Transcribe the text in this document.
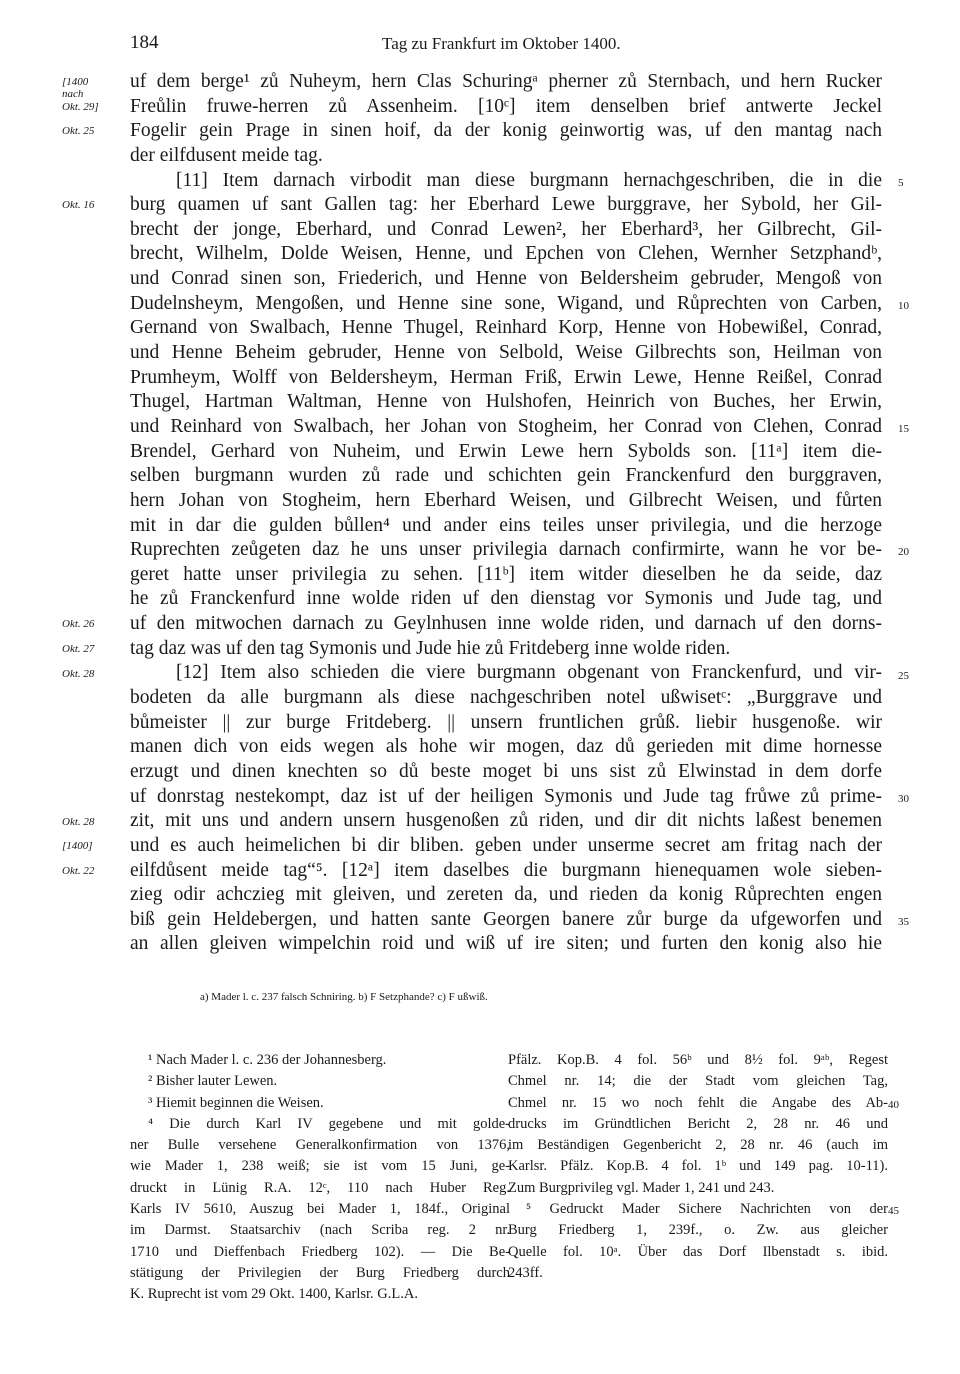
184	Tag zu Frankfurt im Oktober 1400.
uf dem berge¹ zů Nuheym, hern Clas Schuringᵃ pherner zů Sternbach, und hern Rucker
Freůlin fruwe-herren zů Assenheim. [10ᶜ] item denselben brief antwerte Jeckel
Fogelir gein Prage in sinen hoif, da der konig geinwortig was, uf den mantag nach
der eilfdusent meide tag.
[11] Item darnach virbodit man diese burgmann hernachgeschriben, die in die
burg quamen uf sant Gallen tag: her Eberhard Lewe burggrave, her Sybold, her Gil-
brecht der jonge, Eberhard, und Conrad Lewen², her Eberhard³, her Gilbrecht, Gil-
brecht, Wilhelm, Dolde Weisen, Henne, und Epchen von Clehen, Wernher Setzphandᵇ,
und Conrad sinen son, Friederich, und Henne von Beldersheim gebruder, Mengoß von
Dudelnsheym, Mengoßen, und Henne sine sone, Wigand, und Růprechten von Carben,
Gernand von Swalbach, Henne Thugel, Reinhard Korp, Henne von Hobewißel, Conrad,
und Henne Beheim gebruder, Henne von Selbold, Weise Gilbrechts son, Heilman von
Prumheym, Wolff von Beldersheym, Herman Friß, Erwin Lewe, Henne Reißel, Conrad
Thugel, Hartman Waltman, Henne von Hulshofen, Heinrich von Buches, her Erwin,
und Reinhard von Swalbach, her Johan von Stogheim, her Conrad von Clehen, Conrad
Brendel, Gerhard von Nuheim, und Erwin Lewe hern Sybolds son. [11ᵃ] item die-
selben burgmann wurden zů rade und schichten gein Franckenfurd den burggraven,
hern Johan von Stogheim, hern Eberhard Weisen, und Gilbrecht Weisen, und fůrten
mit in dar die gulden bůllen⁴ und ander eins teiles unser privilegia, und die herzoge
Ruprechten zeůgeten daz he uns unser privilegia darnach confirmirte, wann he vor be-
geret hatte unser privilegia zu sehen. [11ᵇ] item witder dieselben he da seide, daz
he zů Franckenfurd inne wolde riden uf den dienstag vor Symonis und Jude tag, und
uf den mitwochen darnach zu Geylnhusen inne wolde riden, und darnach uf den dorns-
tag daz was uf den tag Symonis und Jude hie zů Fritdeberg inne wolde riden.
[12] Item also schieden die viere burgmann obgenant von Franckenfurd, und vir-
bodeten da alle burgmann als diese nachgeschriben notel ußwisetᶜ: „Burggrave und
bůmeister || zur burge Fritdeberg. || unsern fruntlichen grůß. liebir husgenoße. wir
manen dich von eids wegen als hohe wir mogen, daz dů gerieden mit dime hornesse
erzugt und dinen knechten so dů beste moget bi uns sist zů Elwinstad in dem dorfe
uf donrstag nestekompt, daz ist uf der heiligen Symonis und Jude tag frůwe zů prime-
zit, mit uns und andern unsern husgenoßen zů riden, und dir dit nichts laßest benemen
und es auch heimelichen bi dir bliben. geben under unserme secret am fritag nach der
eilfdůsent meide tag“⁵. [12ᵃ] item daselbes die burgmann hienequamen wole sieben-
zieg odir achczieg mit gleiven, und zereten da, und rieden da konig Růprechten engen
biß gein Heldebergen, und hatten sante Georgen banere zůr burge da ufgeworfen und
an allen gleiven wimpelchin roid und wiß uf ire siten; und furten den konig also hie
[1400
nach
Okt. 29]
Okt. 25
Okt. 16
Okt. 26
Okt. 27
Okt. 28
Okt. 28
[1400]
Okt. 22
5
10
15
20
25
30
35
a) Mader l. c. 237 falsch Schniring. b) F Setzphande? c) F ußwiß.
¹ Nach Mader l. c. 236 der Johannesberg.
² Bisher lauter Lewen.
³ Hiemit beginnen die Weisen.
⁴ Die durch Karl IV gegebene und mit golde-
ner Bulle versehene Generalkonfirmation von 1376,
wie Mader 1, 238 weiß; sie ist vom 15 Juni, ge-
druckt in Lünig R.A. 12ᶜ, 110 nach Huber Reg.
Karls IV 5610, Auszug bei Mader 1, 184f., Original
im Darmst. Staatsarchiv (nach Scriba reg. 2 nr.
1710 und Dieffenbach Friedberg 102). — Die Be-
stätigung der Privilegien der Burg Friedberg durch
K. Ruprecht ist vom 29 Okt. 1400, Karlsr. G.L.A.
Pfälz. Kop.B. 4 fol. 56ᵇ und 8½ fol. 9ᵃᵇ, Regest
Chmel nr. 14; die der Stadt vom gleichen Tag,
Chmel nr. 15 wo noch fehlt die Angabe des Ab-
drucks im Gründtlichen Bericht 2, 28 nr. 46 und
im Beständigen Gegenbericht 2, 28 nr. 46 (auch im
Karlsr. Pfälz. Kop.B. 4 fol. 1ᵇ und 149 pag. 10-11).
Zum Burgprivileg vgl. Mader 1, 241 und 243.
⁵ Gedruckt Mader Sichere Nachrichten von der
Burg Friedberg 1, 239f., o. Zw. aus gleicher
Quelle fol. 10ᵃ. Über das Dorf Ilbenstadt s. ibid.
243ff.
40
45
